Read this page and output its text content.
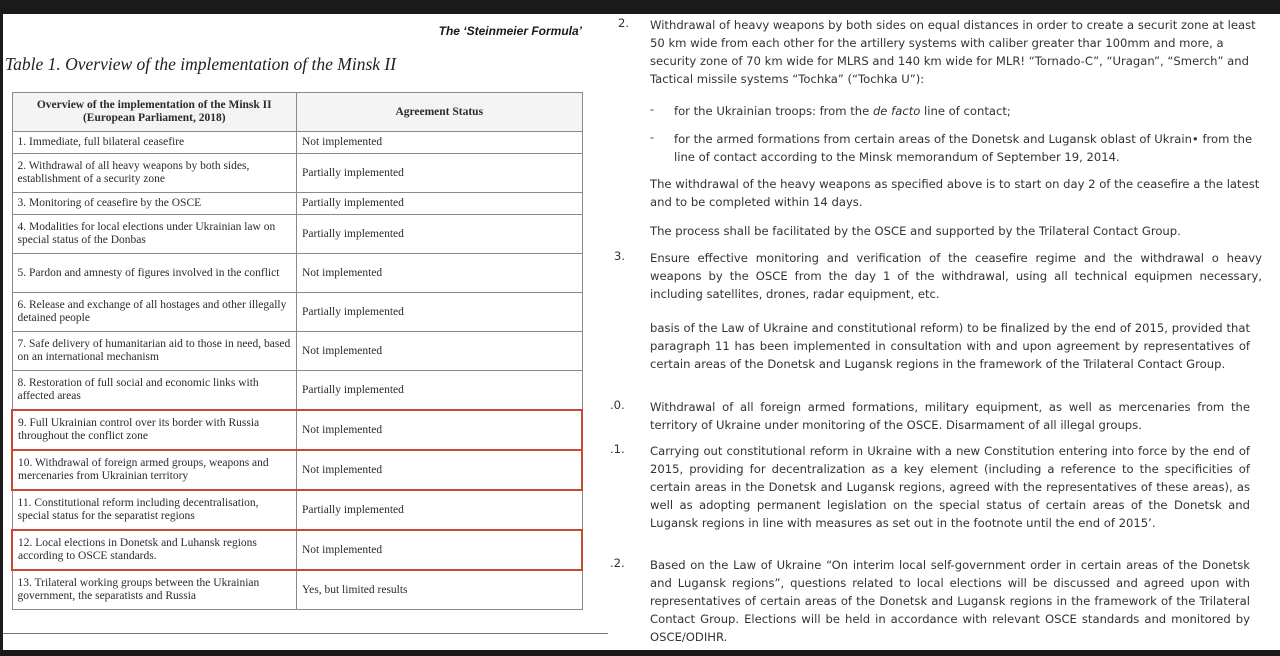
The ‘Steinmeier Formula’
Table 1. Overview of the implementation of the Minsk II
Overview of the implementation of the Minsk II (European Parliament, 2018)	Agreement Status
1. Immediate, full bilateral ceasefire	Not implemented
2. Withdrawal of all heavy weapons by both sides, establishment of a security zone	Partially implemented
3. Monitoring of ceasefire by the OSCE	Partially implemented
4. Modalities for local elections under Ukrainian law on special status of the Donbas	Partially implemented
5. Pardon and amnesty of figures involved in the conflict	Not implemented
6. Release and exchange of all hostages and other illegally detained people	Partially implemented
7. Safe delivery of humanitarian aid to those in need, based on an international mechanism	Not implemented
8. Restoration of full social and economic links with affected areas	Partially implemented
9. Full Ukrainian control over its border with Russia throughout the conflict zone	Not implemented
10. Withdrawal of foreign armed groups, weapons and mercenaries from Ukrainian territory	Not implemented
11. Constitutional reform including decentralisation, special status for the separatist regions	Partially implemented
12. Local elections in Donetsk and Luhansk regions according to OSCE standards.	Not implemented
13. Trilateral working groups between the Ukrainian government, the separatists and Russia	Yes, but limited results
2. Withdrawal of heavy weapons by both sides on equal distances in order to create a securit zone at least 50 km wide from each other for the artillery systems with caliber greater thar 100mm and more, a security zone of 70 km wide for MLRS and 140 km wide for MLR! “Tornado-C”, “Uragan”, “Smerch” and Tactical missile systems “Tochka” (“Tochka U”):
- for the Ukrainian troops: from the de facto line of contact;
- for the armed formations from certain areas of the Donetsk and Lugansk oblast of Ukrain• from the line of contact according to the Minsk memorandum of September 19, 2014.
The withdrawal of the heavy weapons as specified above is to start on day 2 of the ceasefire a the latest and to be completed within 14 days.
The process shall be facilitated by the OSCE and supported by the Trilateral Contact Group.
3. Ensure effective monitoring and verification of the ceasefire regime and the withdrawal o heavy weapons by the OSCE from the day 1 of the withdrawal, using all technical equipmen necessary, including satellites, drones, radar equipment, etc.
basis of the Law of Ukraine and constitutional reform) to be finalized by the end of 2015, provided that paragraph 11 has been implemented in consultation with and upon agreement by representatives of certain areas of the Donetsk and Lugansk regions in the framework of the Trilateral Contact Group.
.0. Withdrawal of all foreign armed formations, military equipment, as well as mercenaries from the territory of Ukraine under monitoring of the OSCE. Disarmament of all illegal groups.
.1. Carrying out constitutional reform in Ukraine with a new Constitution entering into force by the end of 2015, providing for decentralization as a key element (including a reference to the specificities of certain areas in the Donetsk and Lugansk regions, agreed with the representatives of these areas), as well as adopting permanent legislation on the special status of certain areas of the Donetsk and Lugansk regions in line with measures as set out in the footnote until the end of 2015’.
.2. Based on the Law of Ukraine “On interim local self-government order in certain areas of the Donetsk and Lugansk regions”, questions related to local elections will be discussed and agreed upon with representatives of certain areas of the Donetsk and Lugansk regions in the framework of the Trilateral Contact Group. Elections will be held in accordance with relevant OSCE standards and monitored by OSCE/ODIHR.
